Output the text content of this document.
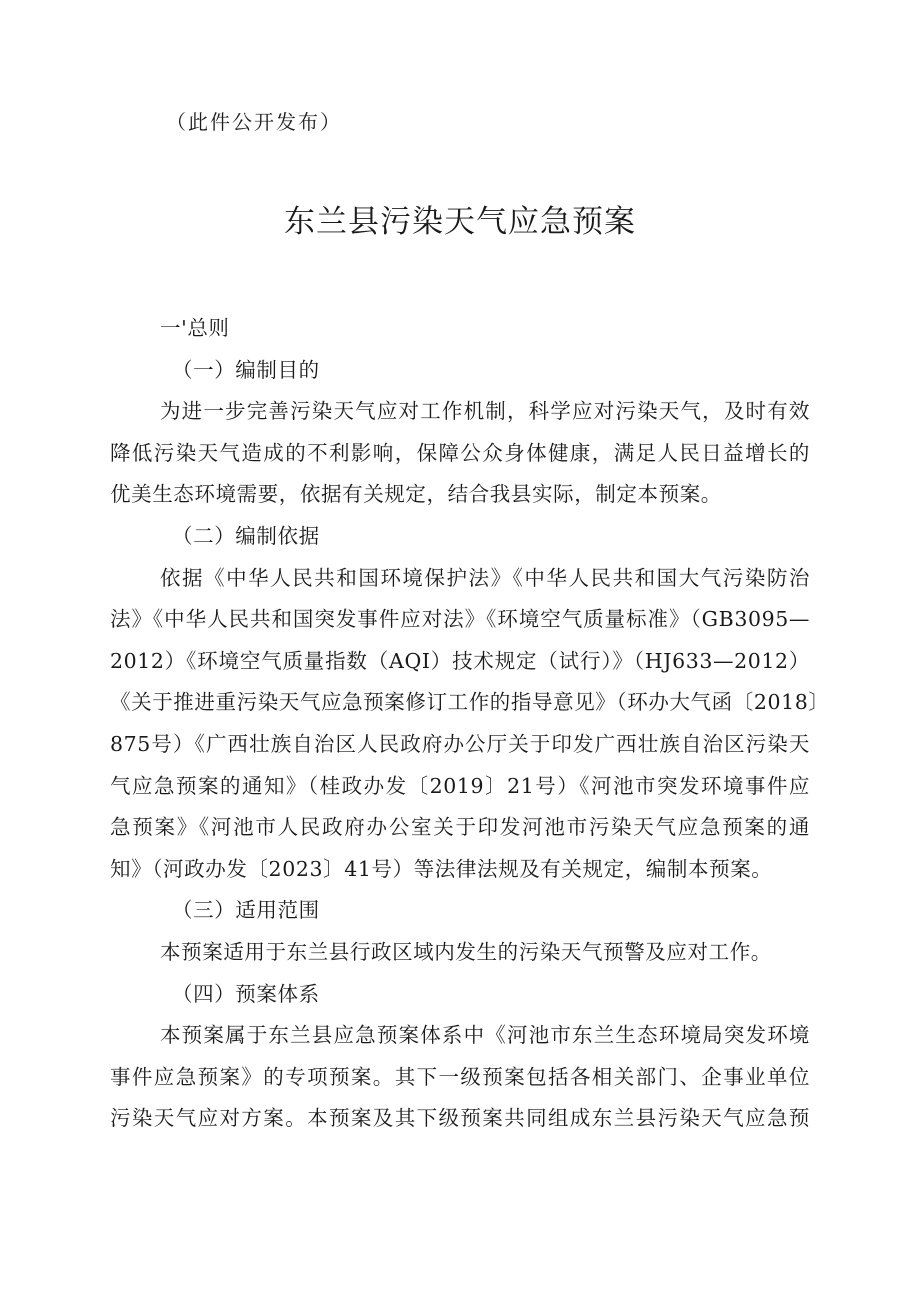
（此件公开发布）
东兰县污染天气应急预案
一'总则
（一）编制目的
为进一步完善污染天气应对工作机制，科学应对污染天气，及时有效
降低污染天气造成的不利影响，保障公众身体健康，满足人民日益增长的
优美生态环境需要，依据有关规定，结合我县实际，制定本预案。
（二）编制依据
依据《中华人民共和国环境保护法》《中华人民共和国大气污染防治
法》《中华人民共和国突发事件应对法》《环境空气质量标准》（GB3095—
2012）《环境空气质量指数（AQI）技术规定（试行）》（HJ633—2012）
《关于推进重污染天气应急预案修订工作的指导意见》（环办大气函〔2018〕
875号）《广西壮族自治区人民政府办公厅关于印发广西壮族自治区污染天
气应急预案的通知》（桂政办发〔2019〕21号）《河池市突发环境事件应
急预案》《河池市人民政府办公室关于印发河池市污染天气应急预案的通
知》（河政办发〔2023〕41号）等法律法规及有关规定，编制本预案。
（三）适用范围
本预案适用于东兰县行政区域内发生的污染天气预警及应对工作。
（四）预案体系
本预案属于东兰县应急预案体系中《河池市东兰生态环境局突发环境
事件应急预案》的专项预案。其下一级预案包括各相关部门、企事业单位
污染天气应对方案。本预案及其下级预案共同组成东兰县污染天气应急预
